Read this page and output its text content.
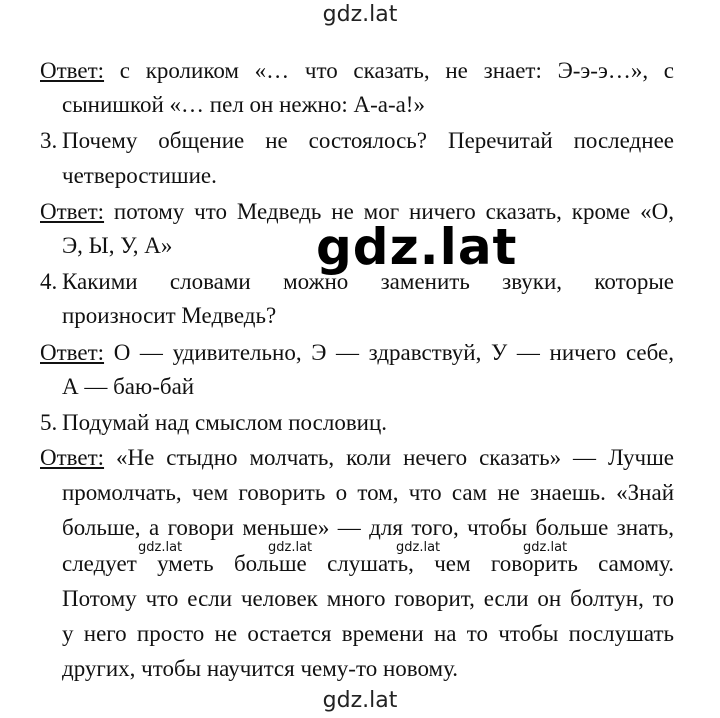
gdz.lat
Ответ: с кроликом «… что сказать, не знает: Э-э-э…», с
сынишкой «… пел он нежно: А-а-а!»
3. Почему общение не состоялось? Перечитай последнее
четверостишие.
Ответ: потому что Медведь не мог ничего сказать, кроме «О,
Э, Ы, У, А»
4. Какими словами можно заменить звуки, которые
произносит Медведь?
Ответ: О — удивительно, Э — здравствуй, У — ничего себе,
А — баю-бай
5. Подумай над смыслом пословиц.
Ответ: «Не стыдно молчать, коли нечего сказать» — Лучше
промолчать, чем говорить о том, что сам не знаешь. «Знай
больше, а говори меньше» — для того, чтобы больше знать,
следует уметь больше слушать, чем говорить самому.
Потому что если человек много говорит, если он болтун, то
у него просто не остается времени на то чтобы послушать
других, чтобы научится чему-то новому.
gdz.lat
gdz.lat	gdz.lat	gdz.lat	gdz.lat
gdz.lat
